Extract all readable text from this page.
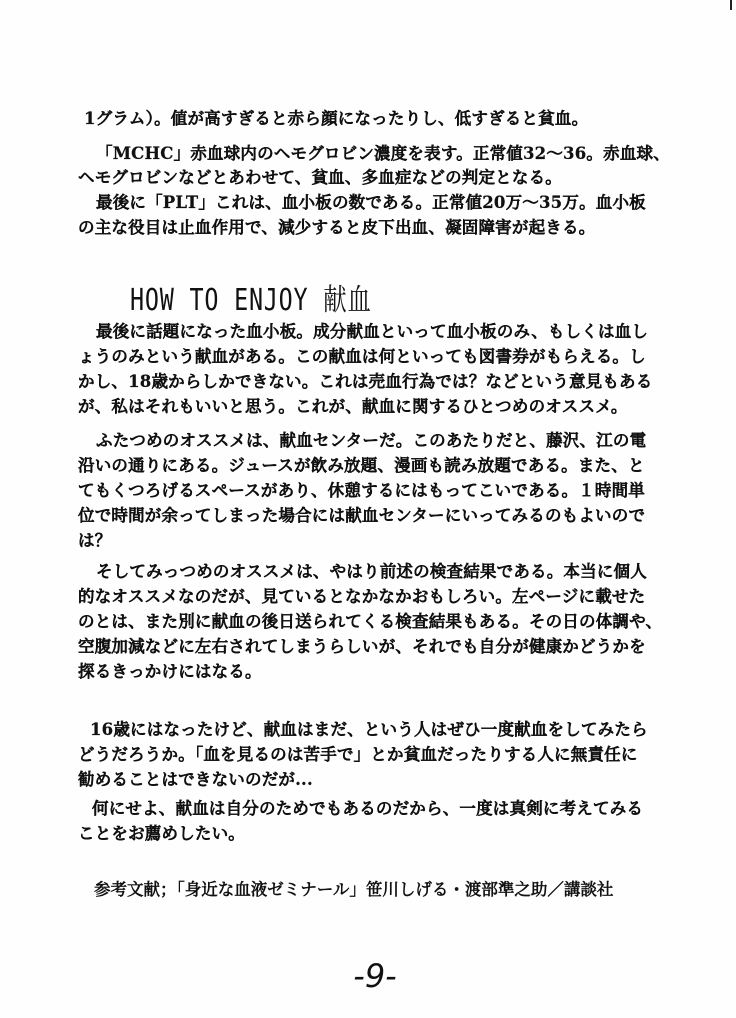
1グラム）。値が高すぎると赤ら顔になったりし、低すぎると貧血。
「MCHC」赤血球内のヘモグロビン濃度を表す。正常値32～36。赤血球、
ヘモグロビンなどとあわせて、貧血、多血症などの判定となる。
最後に「PLT」これは、血小板の数である。正常値20万～35万。血小板
の主な役目は止血作用で、減少すると皮下出血、凝固障害が起きる。
HOW TO ENJOY 献血
最後に話題になった血小板。成分献血といって血小板のみ、もしくは血し
ょうのみという献血がある。この献血は何といっても図書券がもらえる。し
かし、18歳からしかできない。これは売血行為では？などという意見もある
が、私はそれもいいと思う。これが、献血に関するひとつめのオススメ。
ふたつめのオススメは、献血センターだ。このあたりだと、藤沢、江の電
沿いの通りにある。ジュースが飲み放題、漫画も読み放題である。また、と
てもくつろげるスペースがあり、休憩するにはもってこいである。１時間単
位で時間が余ってしまった場合には献血センターにいってみるのもよいので
は？
そしてみっつめのオススメは、やはり前述の検査結果である。本当に個人
的なオススメなのだが、見ているとなかなかおもしろい。左ページに載せた
のとは、また別に献血の後日送られてくる検査結果もある。その日の体調や、
空腹加減などに左右されてしまうらしいが、それでも自分が健康かどうかを
探るきっかけにはなる。
16歳にはなったけど、献血はまだ、という人はぜひ一度献血をしてみたら
どうだろうか。「血を見るのは苦手で」とか貧血だったりする人に無責任に
勧めることはできないのだが...
何にせよ、献血は自分のためでもあるのだから、一度は真剣に考えてみる
ことをお薦めしたい。
参考文献；「身近な血液ゼミナール」笹川しげる・渡部準之助／講談社
-9-
